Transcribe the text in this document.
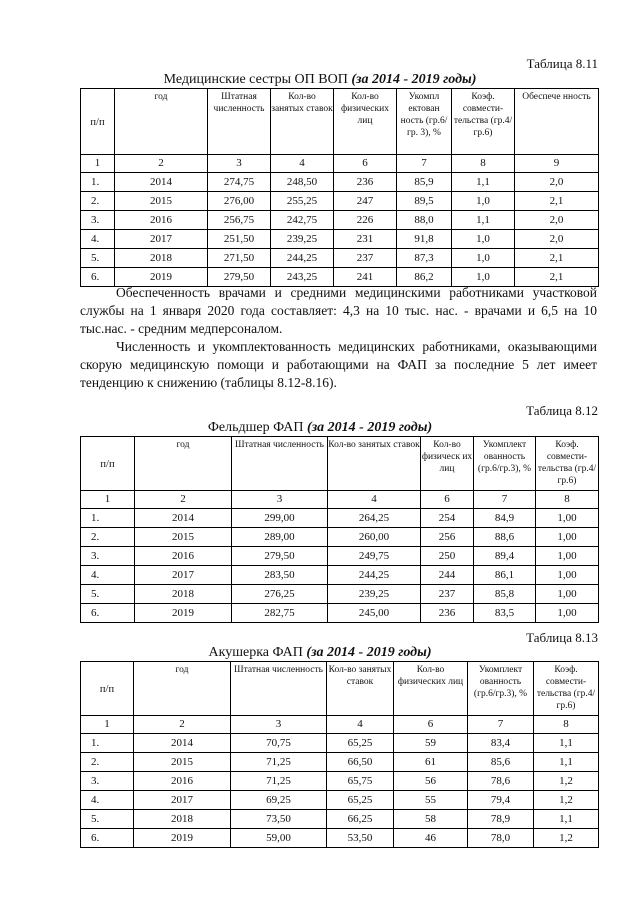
Таблица 8.11
Медицинские сестры ОП ВОП (за 2014 - 2019 годы)
п/п	год	Штатная численность	Кол-во занятых ставок	Кол-во физических лиц	Укомпл ектован ность (гр.6/гр. 3), %	Коэф. совмести-тельства (гр.4/гр.6)	Обеспече нность
1	2	3	4	6	7	8	9
1.	2014	274,75	248,50	236	85,9	1,1	2,0
2.	2015	276,00	255,25	247	89,5	1,0	2,1
3.	2016	256,75	242,75	226	88,0	1,1	2,0
4.	2017	251,50	239,25	231	91,8	1,0	2,0
5.	2018	271,50	244,25	237	87,3	1,0	2,1
6.	2019	279,50	243,25	241	86,2	1,0	2,1

Обеспеченность врачами и средними медицинскими работниками участковой службы на 1 января 2020 года составляет: 4,3 на 10 тыс. нас. - врачами и 6,5 на 10 тыс.нас. - средним медперсоналом.

Численность и укомплектованность медицинских работниками, оказывающими скорую медицинскую помощи и работающими на ФАП за последние 5 лет имеет тенденцию к снижению (таблицы 8.12-8.16).

Таблица 8.12
Фельдшер ФАП (за 2014 - 2019 годы)
п/п	год	Штатная численность	Кол-во занятых ставок	Кол-во физическ их лиц	Укомплект ованность (гр.6/гр.3), %	Коэф. совмести-тельства (гр.4/гр.6)
1	2	3	4	6	7	8
1.	2014	299,00	264,25	254	84,9	1,00
2.	2015	289,00	260,00	256	88,6	1,00
3.	2016	279,50	249,75	250	89,4	1,00
4.	2017	283,50	244,25	244	86,1	1,00
5.	2018	276,25	239,25	237	85,8	1,00
6.	2019	282,75	245,00	236	83,5	1,00
Таблица 8.13
Акушерка ФАП (за 2014 - 2019 годы)
п/п	год	Штатная численность	Кол-во занятых ставок	Кол-во физических лиц	Укомплект ованность (гр.6/гр.3), %	Коэф. совмести-тельства (гр.4/гр.6)
1	2	3	4	6	7	8
1.	2014	70,75	65,25	59	83,4	1,1
2.	2015	71,25	66,50	61	85,6	1,1
3.	2016	71,25	65,75	56	78,6	1,2
4.	2017	69,25	65,25	55	79,4	1,2
5.	2018	73,50	66,25	58	78,9	1,1
6.	2019	59,00	53,50	46	78,0	1,2
